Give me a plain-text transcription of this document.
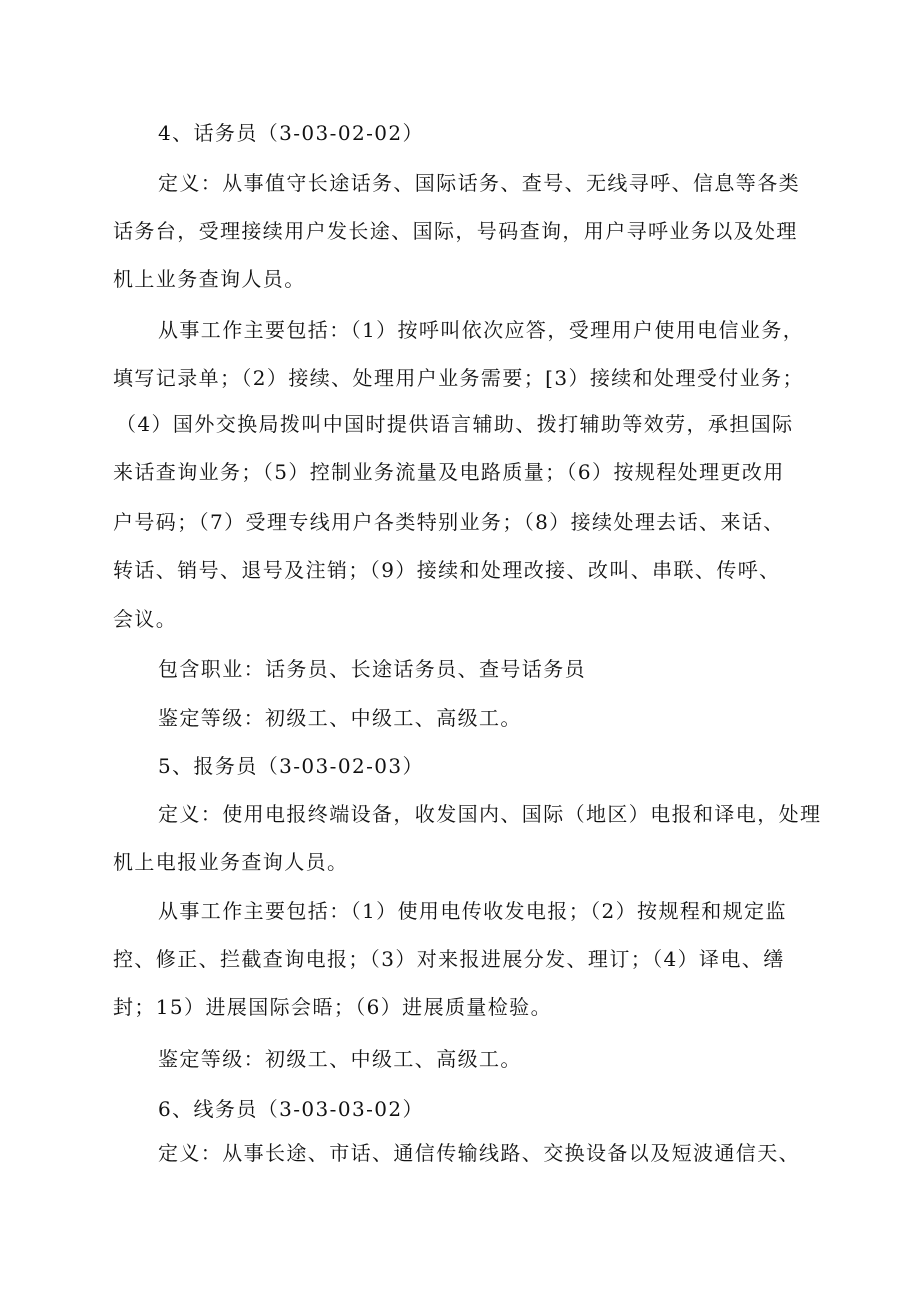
4、话务员（3-03-02-02）
定义：从事值守长途话务、国际话务、查号、无线寻呼、信息等各类
话务台，受理接续用户发长途、国际，号码查询，用户寻呼业务以及处理
机上业务查询人员。
从事工作主要包括：（1）按呼叫依次应答，受理用户使用电信业务，
填写记录单；（2）接续、处理用户业务需要；[3）接续和处理受付业务；
（4）国外交换局拨叫中国时提供语言辅助、拨打辅助等效劳，承担国际
来话查询业务；（5）控制业务流量及电路质量；（6）按规程处理更改用
户号码；（7）受理专线用户各类特别业务；（8）接续处理去话、来话、
转话、销号、退号及注销；（9）接续和处理改接、改叫、串联、传呼、
会议。
包含职业：话务员、长途话务员、查号话务员
鉴定等级：初级工、中级工、高级工。
5、报务员（3-03-02-03）
定义：使用电报终端设备，收发国内、国际（地区）电报和译电，处理
机上电报业务查询人员。
从事工作主要包括：（1）使用电传收发电报；（2）按规程和规定监
控、修正、拦截查询电报；（3）对来报进展分发、理订；（4）译电、缮
封；15）进展国际会晤；（6）进展质量检验。
鉴定等级：初级工、中级工、高级工。
6、线务员（3-03-03-02）
定义：从事长途、市话、通信传输线路、交换设备以及短波通信天、
